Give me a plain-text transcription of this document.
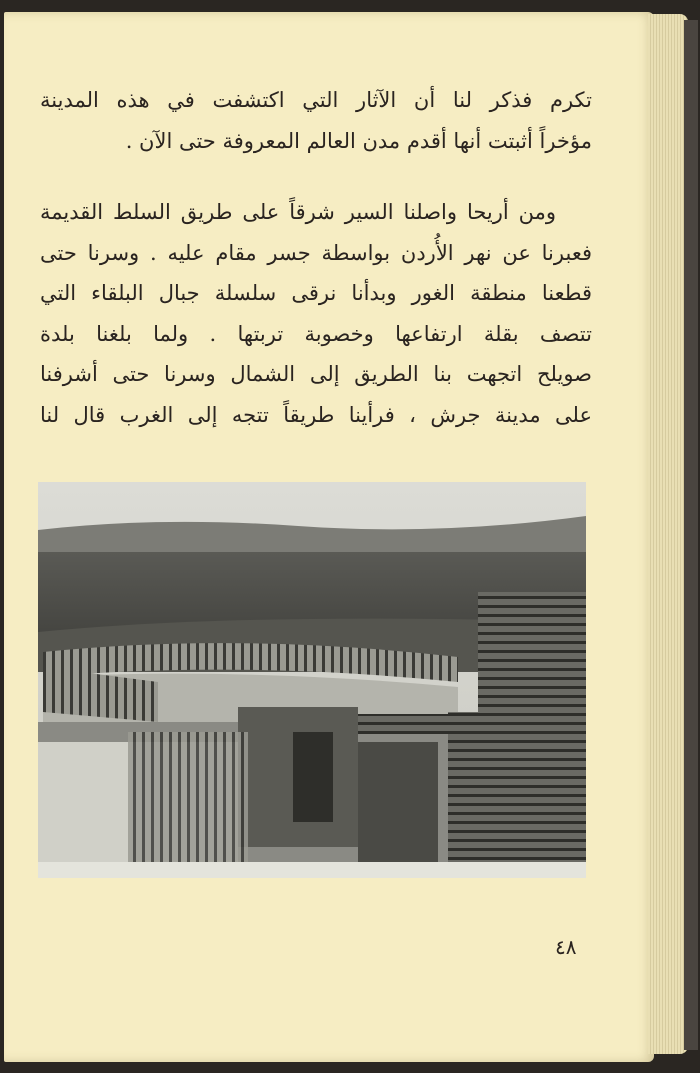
تكرم فذكر لنا أن الآثار التي اكتشفت في هذه المدينة
مؤخراً أثبتت أنها أقدم مدن العالم المعروفة حتى الآن .
ومن أريحا واصلنا السير شرقاً على طريق السلط القديمة
فعبرنا عن نهر الأُردن بواسطة جسر مقام عليه . وسرنا حتى
قطعنا منطقة الغور وبدأنا نرقى سلسلة جبال البلقاء التي
تتصف بقلة ارتفاعها وخصوبة تربتها . ولما بلغنا بلدة
صويلح اتجهت بنا الطريق إلى الشمال وسرنا حتى أشرفنا
على مدينة جرش ، فرأينا طريقاً تتجه إلى الغرب قال لنا
٤٨
